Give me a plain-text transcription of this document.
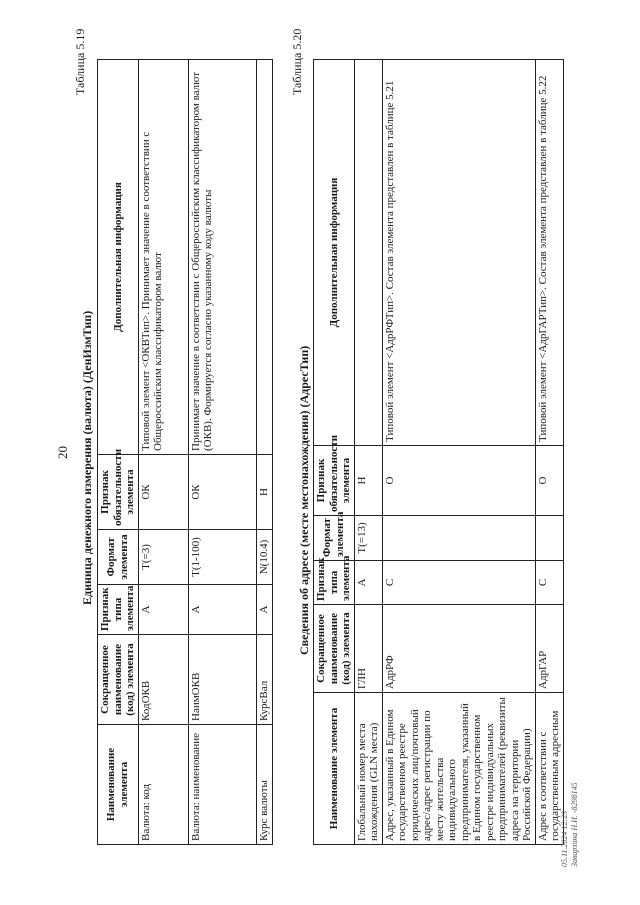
20
Таблица 5.19
Единица денежного измерения (валюта) (ДенИзмТип)
Наименование элемента	Сокращенное наименование (код) элемента	Признак типа элемента	Формат элемента	Признак обязательности элемента	Дополнительная информация
Валюта: код	КодОКВ	А	Т(=3)	ОК	Типовой элемент <ОКВТип>. Принимает значение в соответствии с Общероссийским классификатором валют
Валюта: наименование	НаимОКВ	А	Т(1-100)	ОК	Принимает значение в соответствии с Общероссийским классификатором валют (ОКВ). Формируется согласно указанному коду валюты
Курс валюты	КурсВал	А	N(10.4)	Н	
Таблица 5.20
Сведения об адресе (месте местонахождения) (АдресТип)
Наименование элемента	Сокращенное наименование (код) элемента	Признак типа элемента	Формат элемента	Признак обязательности элемента	Дополнительная информация
Глобальный номер места нахождения (GLN места)	ГЛН	А	Т(=13)	Н	
Адрес, указанный в Едином государственном реестре юридических лиц/почтовый адрес/адрес регистрации по месту жительства индивидуального предпринимателя, указанный в Едином государственном реестре индивидуальных предпринимателей (реквизиты адреса на территории Российской Федерации)	АдрРФ	С		О	Типовой элемент <АдрРФТип>. Состав элемента представлен в таблице 5.21
Адрес в соответствии с государственным адресным	АдрГАР	С		О	Типовой элемент <АдрГАРТип>. Состав элемента представлен в таблице 5.22
05.11.2024 12:23 Заварзина Н.И. -8298145
